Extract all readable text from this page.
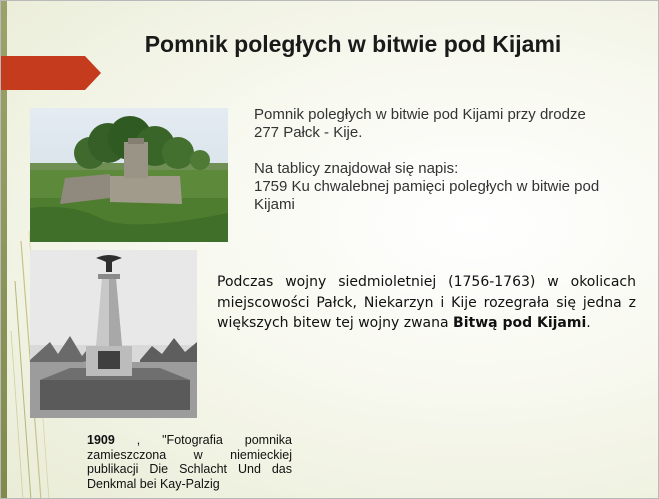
Pomnik poległych w bitwie pod Kijami

Pomnik poległych w bitwie pod Kijami przy drodze

277 Pałck - Kije.

Na tablicy znajdował się napis:

1759 Ku chwalebnej pamięci poległych w bitwie pod

Kijami

Podczas wojny siedmioletniej (1756-1763) w okolicach miejscowości Pałck, Niekarzyn i Kije rozegrała się jedna z większych bitew tej wojny zwana Bitwą pod Kijami.
1909 , "Fotografia pomnika zamieszczona w niemieckiej publikacji Die Schlacht Und das Denkmal bei Kay-Palzig
